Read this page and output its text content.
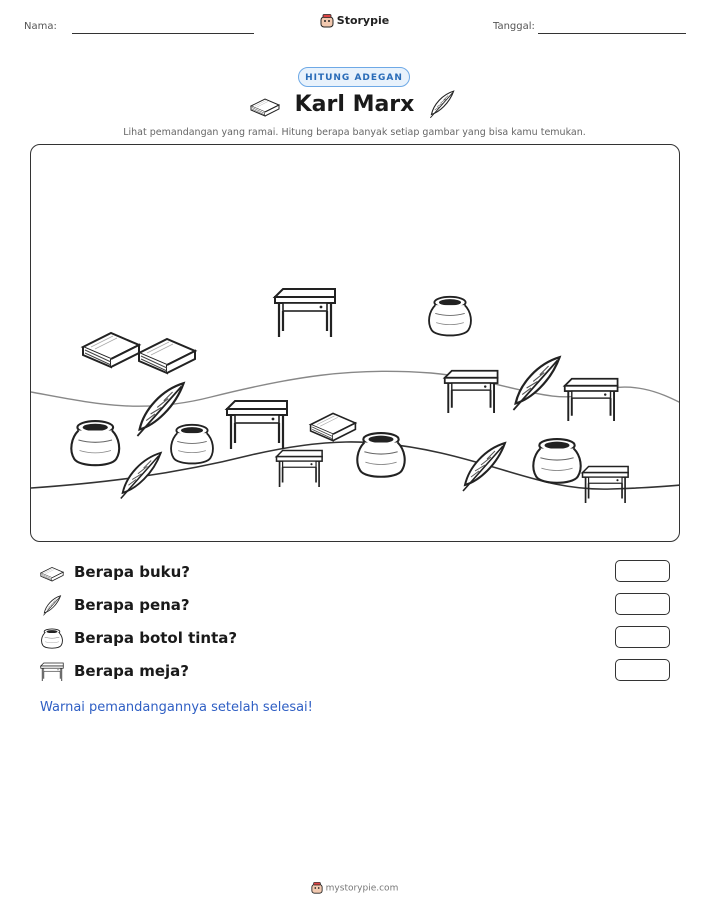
Nama:	Storypie	Tanggal:
HITUNG ADEGAN
Karl Marx
Lihat pemandangan yang ramai. Hitung berapa banyak setiap gambar yang bisa kamu temukan.
Berapa buku?
Berapa pena?
Berapa botol tinta?
Berapa meja?
Warnai pemandangannya setelah selesai!
mystorypie.com
